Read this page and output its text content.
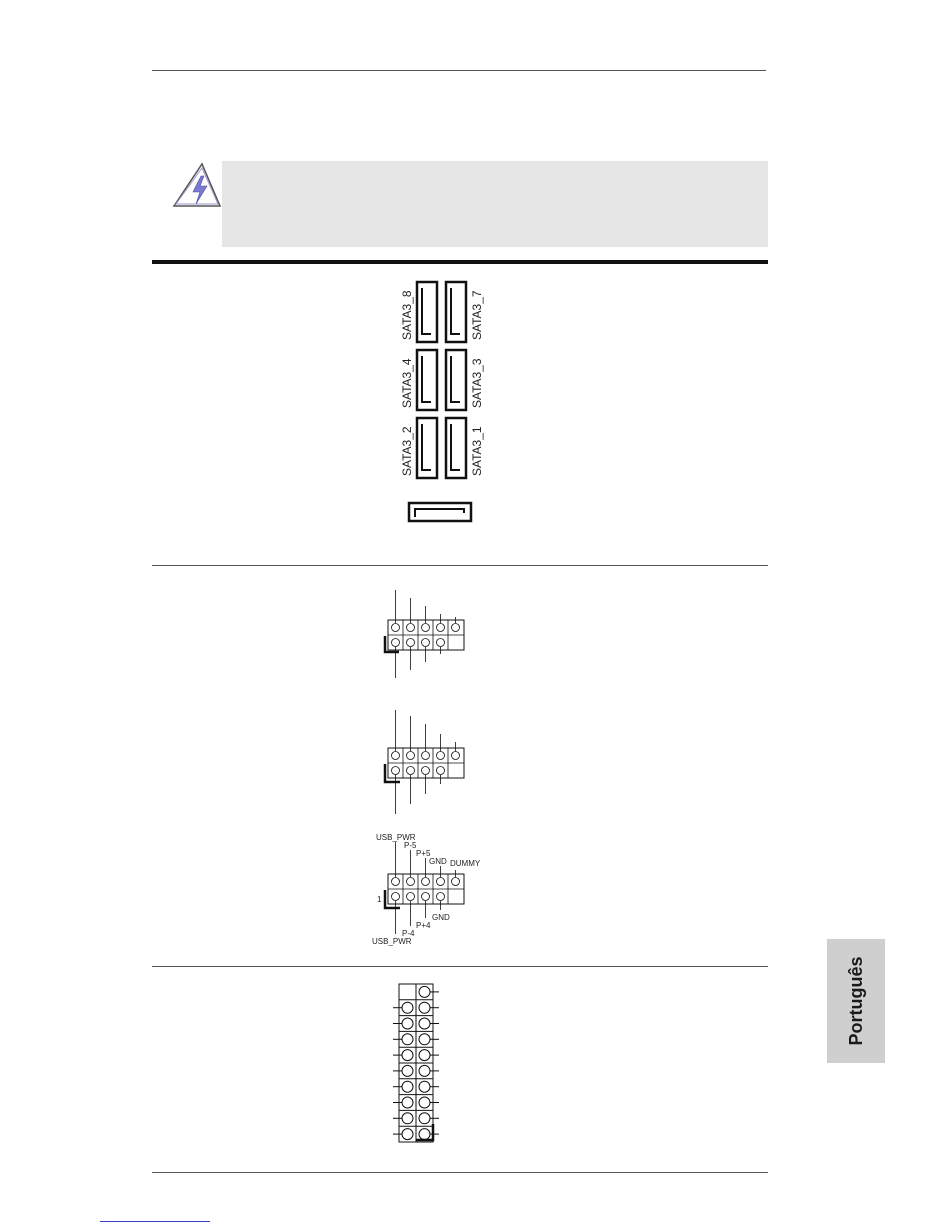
SATA3_8	SATA3_7
SATA3_4	SATA3_3
SATA3_2	SATA3_1
1
USB_PWR
P-5
P+5
GND DUMMY
GND
P+4
P-4
USB_PWR
Português
